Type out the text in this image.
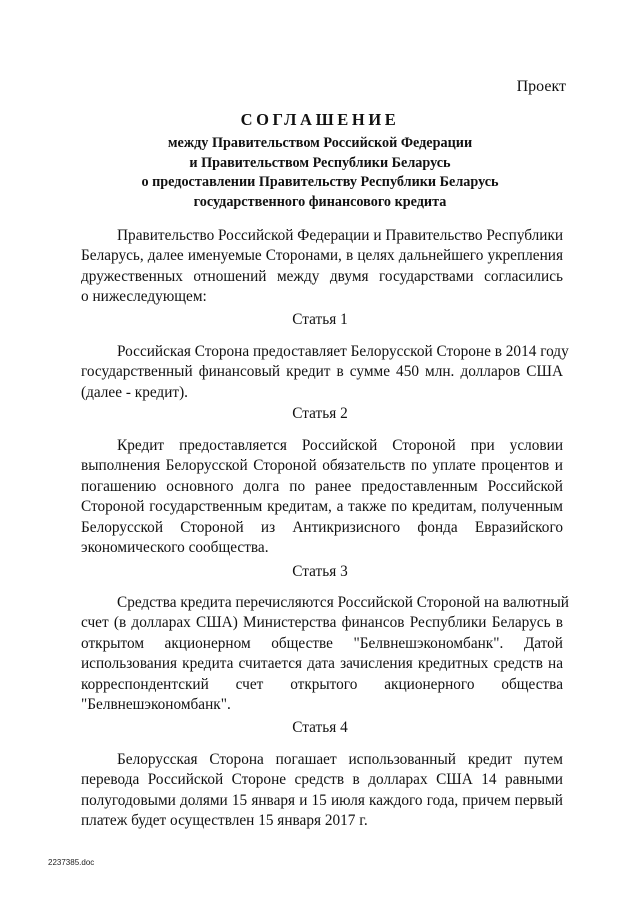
Проект
СОГЛАШЕНИЕ
между Правительством Российской Федерации
и Правительством Республики Беларусь
о предоставлении Правительству Республики Беларусь
государственного финансового кредита
Правительство Российской Федерации и Правительство Республики
Беларусь, далее именуемые Сторонами, в целях дальнейшего укрепления
дружественных отношений между двумя государствами согласились
о нижеследующем:
Статья 1
Российская Сторона предоставляет Белорусской Стороне в 2014 году
государственный финансовый кредит в сумме 450 млн. долларов США
(далее - кредит).
Статья 2
Кредит предоставляется Российской Стороной при условии
выполнения Белорусской Стороной обязательств по уплате процентов и
погашению основного долга по ранее предоставленным Российской
Стороной государственным кредитам, а также по кредитам, полученным
Белорусской Стороной из Антикризисного фонда Евразийского
экономического сообщества.
Статья 3
Средства кредита перечисляются Российской Стороной на валютный
счет (в долларах США) Министерства финансов Республики Беларусь в
открытом акционерном обществе "Белвнешэкономбанк". Датой
использования кредита считается дата зачисления кредитных средств на
корреспондентский счет открытого акционерного общества
"Белвнешэкономбанк".
Статья 4
Белорусская Сторона погашает использованный кредит путем
перевода Российской Стороне средств в долларах США 14 равными
полугодовыми долями 15 января и 15 июля каждого года, причем первый
платеж будет осуществлен 15 января 2017 г.
2237385.doc
